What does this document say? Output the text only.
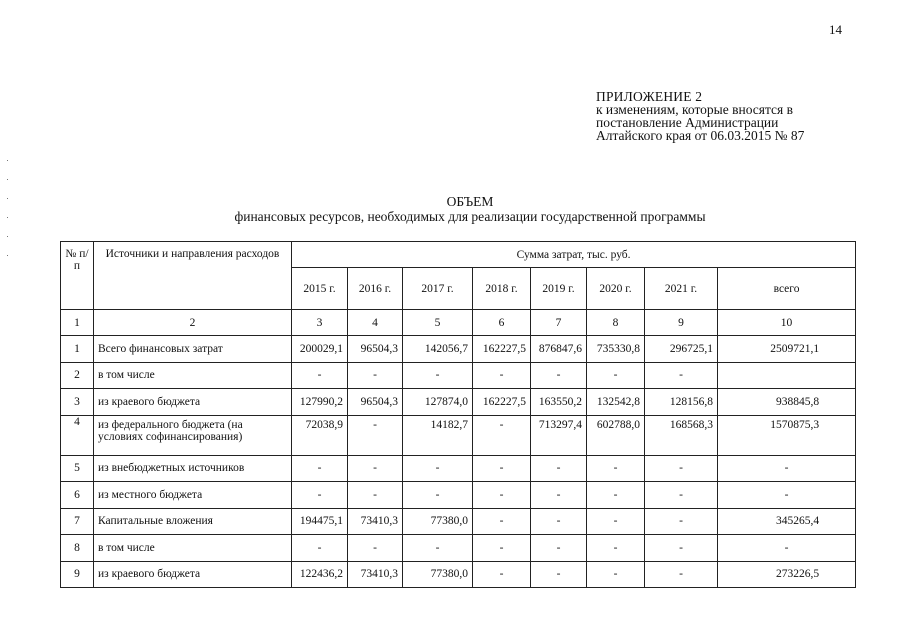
14
ПРИЛОЖЕНИЕ 2
к изменениям, которые вносятся в
постановление Администрации
Алтайского края от 06.03.2015 № 87
ОБЪЕМ
финансовых ресурсов, необходимых для реализации государственной программы
№ п/п	Источники и направления расходов	Сумма затрат, тыс. руб.							
		2015 г.	2016 г.	2017 г.	2018 г.	2019 г.	2020 г.	2021 г.	всего
1	2	3	4	5	6	7	8	9	10
1	Всего финансовых затрат	200029,1	96504,3	142056,7	162227,5	876847,6	735330,8	296725,1	2509721,1
2	в том числе	-	-	-	-	-	-	-	
3	из краевого бюджета	127990,2	96504,3	127874,0	162227,5	163550,2	132542,8	128156,8	938845,8
4	из федерального бюджета (на условиях софинансирования)	72038,9	-	14182,7	-	713297,4	602788,0	168568,3	1570875,3
5	из внебюджетных источников	-	-	-	-	-	-	-	-
6	из местного бюджета	-	-	-	-	-	-	-	-
7	Капитальные вложения	194475,1	73410,3	77380,0	-	-	-	-	345265,4
8	в том числе	-	-	-	-	-	-	-	-
9	из краевого бюджета	122436,2	73410,3	77380,0	-	-	-	-	273226,5
